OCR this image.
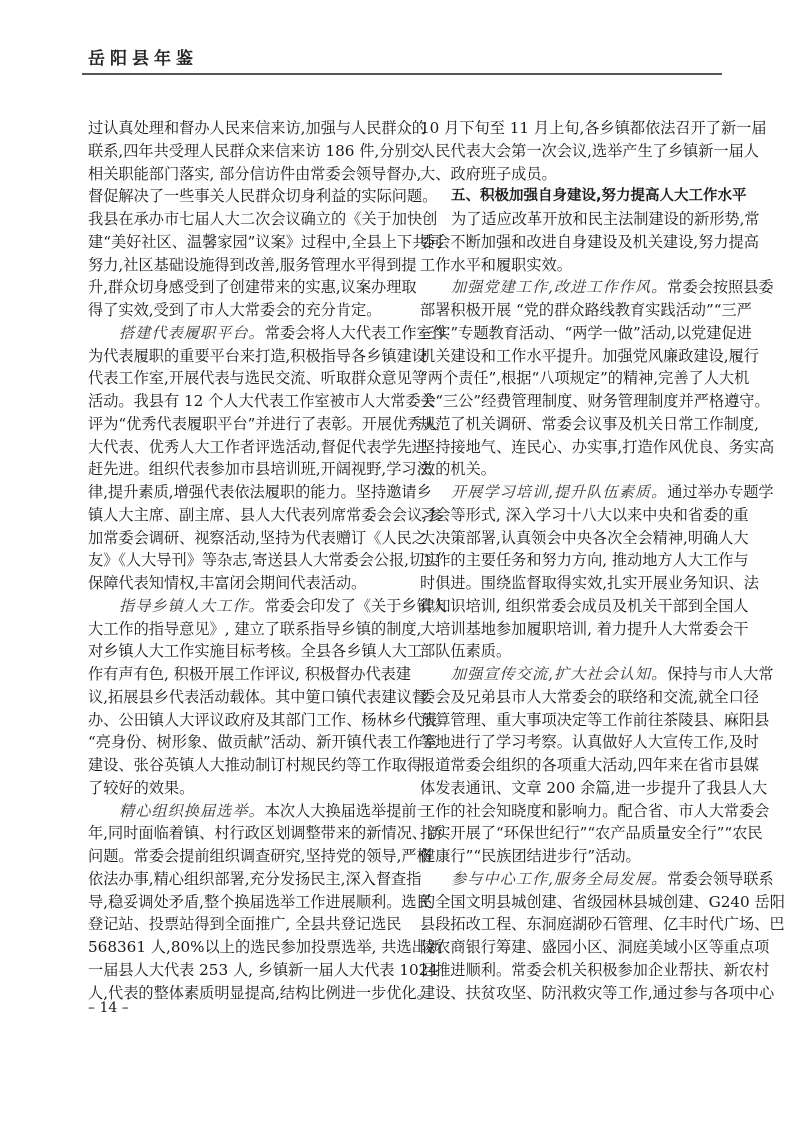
岳阳县年鉴
过认真处理和督办人民来信来访,加强与人民群众的
联系,四年共受理人民群众来信来访 186 件,分别交
相关职能部门落实, 部分信访件由常委会领导督办,
督促解决了一些事关人民群众切身利益的实际问题。
我县在承办市七届人大二次会议确立的《关于加快创
建“美好社区、温馨家园”议案》过程中,全县上下共同
努力,社区基础设施得到改善,服务管理水平得到提
升,群众切身感受到了创建带来的实惠,议案办理取
得了实效,受到了市人大常委会的充分肯定。
搭建代表履职平台。常委会将人大代表工作室作
为代表履职的重要平台来打造,积极指导各乡镇建设
代表工作室,开展代表与选民交流、听取群众意见等
活动。我县有 12 个人大代表工作室被市人大常委会
评为“优秀代表履职平台”并进行了表彰。开展优秀人
大代表、优秀人大工作者评选活动,督促代表学先进
赶先进。组织代表参加市县培训班,开阔视野,学习法
律,提升素质,增强代表依法履职的能力。坚持邀请乡
镇人大主席、副主席、县人大代表列席常委会会议,参
加常委会调研、视察活动,坚持为代表赠订《人民之
友》《人大导刊》等杂志,寄送县人大常委会公报,切实
保障代表知情权,丰富闭会期间代表活动。
指导乡镇人大工作。常委会印发了《关于乡镇人
大工作的指导意见》, 建立了联系指导乡镇的制度,
对乡镇人大工作实施目标考核。全县各乡镇人大工
作有声有色, 积极开展工作评议, 积极督办代表建
议,拓展县乡代表活动载体。其中筻口镇代表建议督
办、公田镇人大评议政府及其部门工作、杨林乡代表
“亮身份、树形象、做贡献”活动、新开镇代表工作室
建设、张谷英镇人大推动制订村规民约等工作取得
了较好的效果。
精心组织换届选举。本次人大换届选举提前一
年,同时面临着镇、村行政区划调整带来的新情况、新
问题。常委会提前组织调查研究,坚持党的领导,严格
依法办事,精心组织部署,充分发扬民主,深入督查指
导,稳妥调处矛盾,整个换届选举工作进展顺利。选民
登记站、投票站得到全面推广, 全县共登记选民
568361 人,80%以上的选民参加投票选举, 共选出新
一届县人大代表 253 人, 乡镇新一届人大代表 1024
人,代表的整体素质明显提高,结构比例进一步优化。
10 月下旬至 11 月上旬,各乡镇都依法召开了新一届
人民代表大会第一次会议,选举产生了乡镇新一届人
大、政府班子成员。
五、积极加强自身建设,努力提高人大工作水平
为了适应改革开放和民主法制建设的新形势,常
委会不断加强和改进自身建设及机关建设,努力提高
工作水平和履职实效。
加强党建工作,改进工作作风。常委会按照县委
部署积极开展 “党的群众路线教育实践活动”“三严
三实”专题教育活动、“两学一做”活动,以党建促进
机关建设和工作水平提升。加强党风廉政建设,履行
“两个责任”,根据“八项规定”的精神,完善了人大机
关“三公”经费管理制度、财务管理制度并严格遵守。
规范了机关调研、常委会议事及机关日常工作制度,
坚持接地气、连民心、办实事,打造作风优良、务实高
效的机关。
开展学习培训,提升队伍素质。通过举办专题学
习会等形式, 深入学习十八大以来中央和省委的重
大决策部署,认真领会中央各次全会精神,明确人大
工作的主要任务和努力方向, 推动地方人大工作与
时俱进。围绕监督取得实效,扎实开展业务知识、法
律知识培训, 组织常委会成员及机关干部到全国人
大培训基地参加履职培训, 着力提升人大常委会干
部队伍素质。
加强宣传交流,扩大社会认知。保持与市人大常
委会及兄弟县市人大常委会的联络和交流,就全口径
预算管理、重大事项决定等工作前往茶陵县、麻阳县
等地进行了学习考察。认真做好人大宣传工作,及时
报道常委会组织的各项重大活动,四年来在省市县媒
体发表通讯、文章 200 余篇,进一步提升了我县人大
工作的社会知晓度和影响力。配合省、市人大常委会
扎实开展了“环保世纪行”“农产品质量安全行”“农民
健康行”“民族团结进步行”活动。
参与中心工作,服务全局发展。常委会领导联系
的全国文明县城创建、省级园林县城创建、G240 岳阳
县段拓改工程、东洞庭湖砂石管理、亿丰时代广场、巴
陵农商银行筹建、盛园小区、洞庭美域小区等重点项
目推进顺利。常委会机关积极参加企业帮扶、新农村
建设、扶贫攻坚、防汛救灾等工作,通过参与各项中心
– 14 –
